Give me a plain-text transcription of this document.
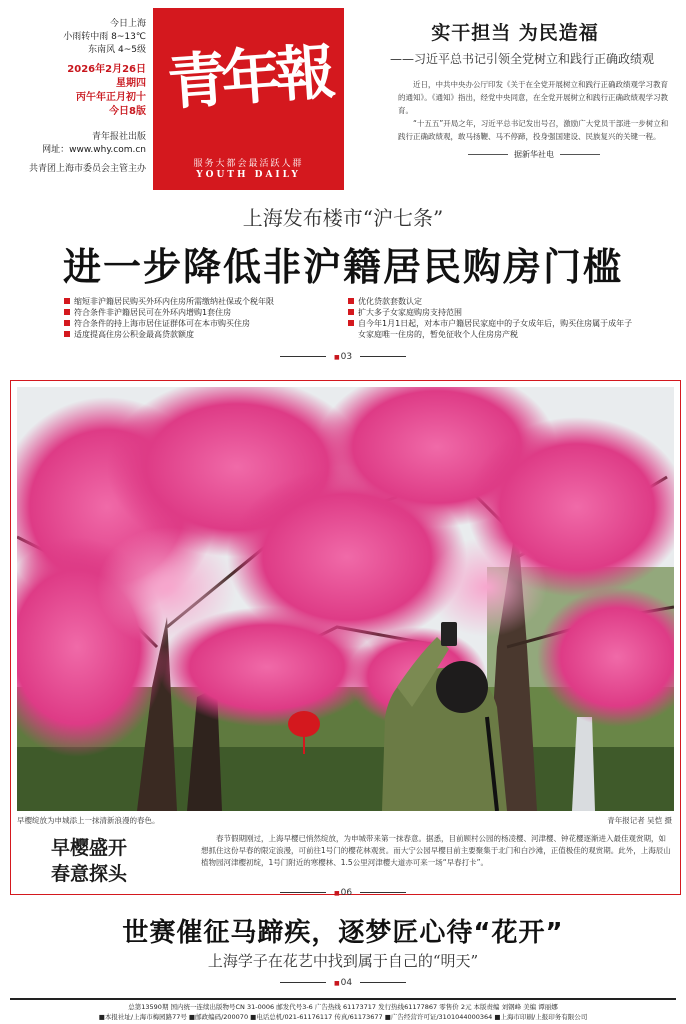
今日上海
小雨转中雨 8~13℃
东南风 4~5级
2026年2月26日
星期四
丙午年正月初十
今日8版
青年报社出版
网址：www.why.com.cn
共青团上海市委员会主管主办
青年報
服务大都会最活跃人群
YOUTH DAILY
实干担当 为民造福
——习近平总书记引领全党树立和践行正确政绩观

近日，中共中央办公厅印发《关于在全党开展树立和践行正确政绩观学习教育的通知》。《通知》指出，经党中央同意，在全党开展树立和践行正确政绩观学习教育。

“十五五”开局之年，习近平总书记发出号召，激励广大党员干部进一步树立和践行正确政绩观，敢马扬鞭、马不停蹄，投身强国建设、民族复兴的关键一程。

据新华社电
上海发布楼市“沪七条”
进一步降低非沪籍居民购房门槛
缩短非沪籍居民购买外环内住房所需缴纳社保或个税年限
符合条件非沪籍居民可在外环内增购1套住房
符合条件的持上海市居住证群体可在本市购买住房
适度提高住房公积金最高贷款额度
优化贷款套数认定
扩大多子女家庭购房支持范围
自今年1月1日起，对本市户籍居民家庭中的子女成年后，购买住房属于成年子女家庭唯一住房的，暂免征收个人住房房产税
■ 03
早樱绽放为申城添上一抹清新浪漫的春色。	青年报记者 吴恺 摄
早樱盛开
春意探头
春节假期刚过，上海早樱已悄然绽放，为申城带来第一抹春意。据悉，目前顾村公园的杨凌樱、河津樱、钟花樱逐渐进入最佳观赏期，如想抓住这份早春的限定浪漫，可前往1号门的樱花林观赏。而大宁公园早樱目前主要聚集于北门和白沙滩，正值极佳的观赏期。此外，上海辰山植物园河津樱初绽，1号门附近的寒樱林、1.5公里河津樱大道亦可来一场“早春打卡”。
■ 06
世赛催征马蹄疾，逐梦匠心待“花开”
上海学子在花艺中找到属于自己的“明天”
■ 04
总第13590期 国内统一连续出版物号CN 31-0006 邮发代号3-6 广告热线 61173717 发行热线61177867 零售价 2元 本版责编 刘钢峰 美编 谭丽娜
■本报社址/上海市梅园路77号 ■邮政编码/200070 ■电话总机/021-61176117 传真/61173677 ■广告经营许可证/3101044000364 ■上海市印刷/上报印务有限公司
